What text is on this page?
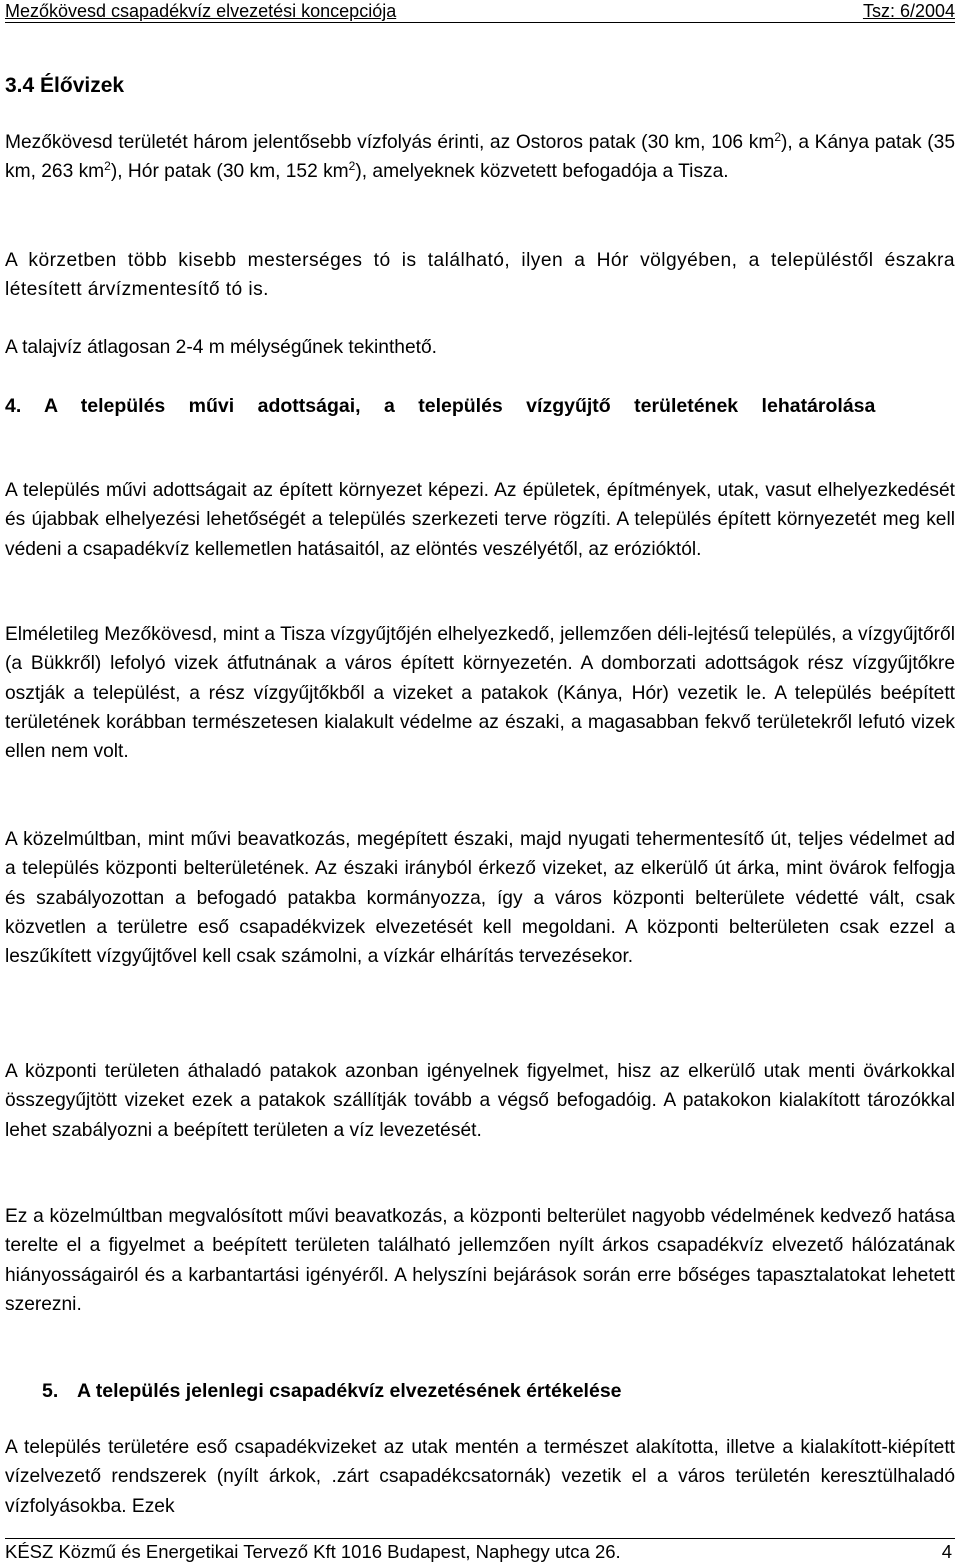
Mezőkövesd csapadékvíz elvezetési koncepciója	Tsz: 6/2004
3.4 Élővizek

Mezőkövesd területét három jelentősebb vízfolyás érinti, az Ostoros patak (30 km, 106 $km^2$), a Kánya patak (35 km, 263 $km^2$), Hór patak (30 km, 152 $km^2$), amelyeknek közvetett befogadója a Tisza.

A körzetben több kisebb mesterséges tó is található, ilyen a Hór völgyében, a településtől északra létesített árvízmentesítő tó is.

A talajvíz átlagosan 2-4 m mélységűnek tekinthető.

4. A település művi adottságai, a település vízgyűjtő területének lehatárolása

A település művi adottságait az épített környezet képezi. Az épületek, építmények, utak, vasut elhelyezkedését és újabbak elhelyezési lehetőségét a település szerkezeti terve rögzíti. A település épített környezetét meg kell védeni a csapadékvíz kellemetlen hatásaitól, az elöntés veszélyétől, az erózióktól.

Elméletileg Mezőkövesd, mint a Tisza vízgyűjtőjén elhelyezkedő, jellemzően déli-lejtésű település, a vízgyűjtőről (a Bükkről) lefolyó vizek átfutnának a város épített környezetén. A domborzati adottságok rész vízgyűjtőkre osztják a települést, a rész vízgyűjtőkből a vizeket a patakok (Kánya, Hór) vezetik le. A település beépített területének korábban természetesen kialakult védelme az északi, a magasabban fekvő területekről lefutó vizek ellen nem volt.

A közelmúltban, mint művi beavatkozás, megépített északi, majd nyugati tehermentesítő út, teljes védelmet ad a település központi belterületének. Az északi irányból érkező vizeket, az elkerülő út árka, mint övárok felfogja és szabályozottan a befogadó patakba kormányozza, így a város központi belterülete védetté vált, csak közvetlen a területre eső csapadékvizek elvezetését kell megoldani. A központi belterületen csak ezzel a leszűkített vízgyűjtővel kell csak számolni, a vízkár elhárítás tervezésekor.

A központi területen áthaladó patakok azonban igényelnek figyelmet, hisz az elkerülő utak menti övárkokkal összegyűjtött vizeket ezek a patakok szállítják tovább a végső befogadóig. A patakokon kialakított tározókkal lehet szabályozni a beépített területen a víz levezetését.

Ez a közelmúltban megvalósított művi beavatkozás, a központi belterület nagyobb védelmének kedvező hatása terelte el a figyelmet a beépített területen található jellemzően nyílt árkos csapadékvíz elvezető hálózatának hiányosságairól és a karbantartási igényéről. A helyszíni bejárások során erre bőséges tapasztalatokat lehetett szerezni.

5. A település jelenlegi csapadékvíz elvezetésének értékelése

A település területére eső csapadékvizeket az utak mentén a természet alakította, illetve a kialakított-kiépített vízelvezető rendszerek (nyílt árkok, .zárt csapadékcsatornák) vezetik el a város területén keresztülhaladó vízfolyásokba. Ezek

KÉSZ Közmű és Energetikai Tervező Kft 1016 Budapest, Naphegy utca 26.	4
